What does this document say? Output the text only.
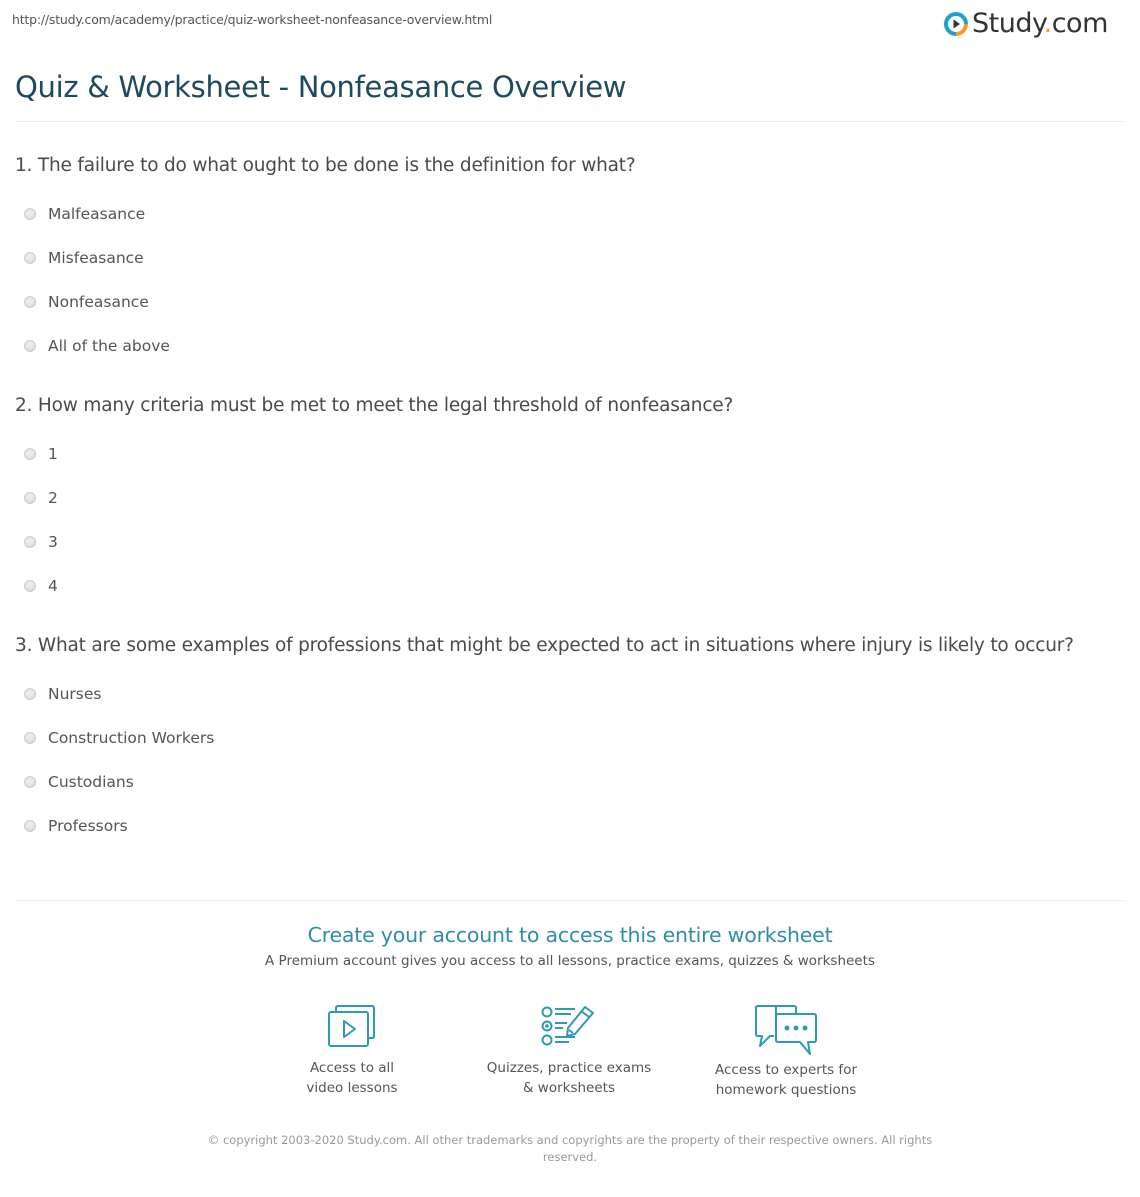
http://study.com/academy/practice/quiz-worksheet-nonfeasance-overview.html	Study.com
Quiz & Worksheet - Nonfeasance Overview
1. The failure to do what ought to be done is the definition for what?
Malfeasance
Misfeasance
Nonfeasance
All of the above
2. How many criteria must be met to meet the legal threshold of nonfeasance?
1
2
3
4
3. What are some examples of professions that might be expected to act in situations where injury is likely to occur?
Nurses
Construction Workers
Custodians
Professors
Create your account to access this entire worksheet
A Premium account gives you access to all lessons, practice exams, quizzes & worksheets
Access to all
video lessons
Quizzes, practice exams
& worksheets
Access to experts for
homework questions
© copyright 2003-2020 Study.com. All other trademarks and copyrights are the property of their respective owners. All rights reserved.
